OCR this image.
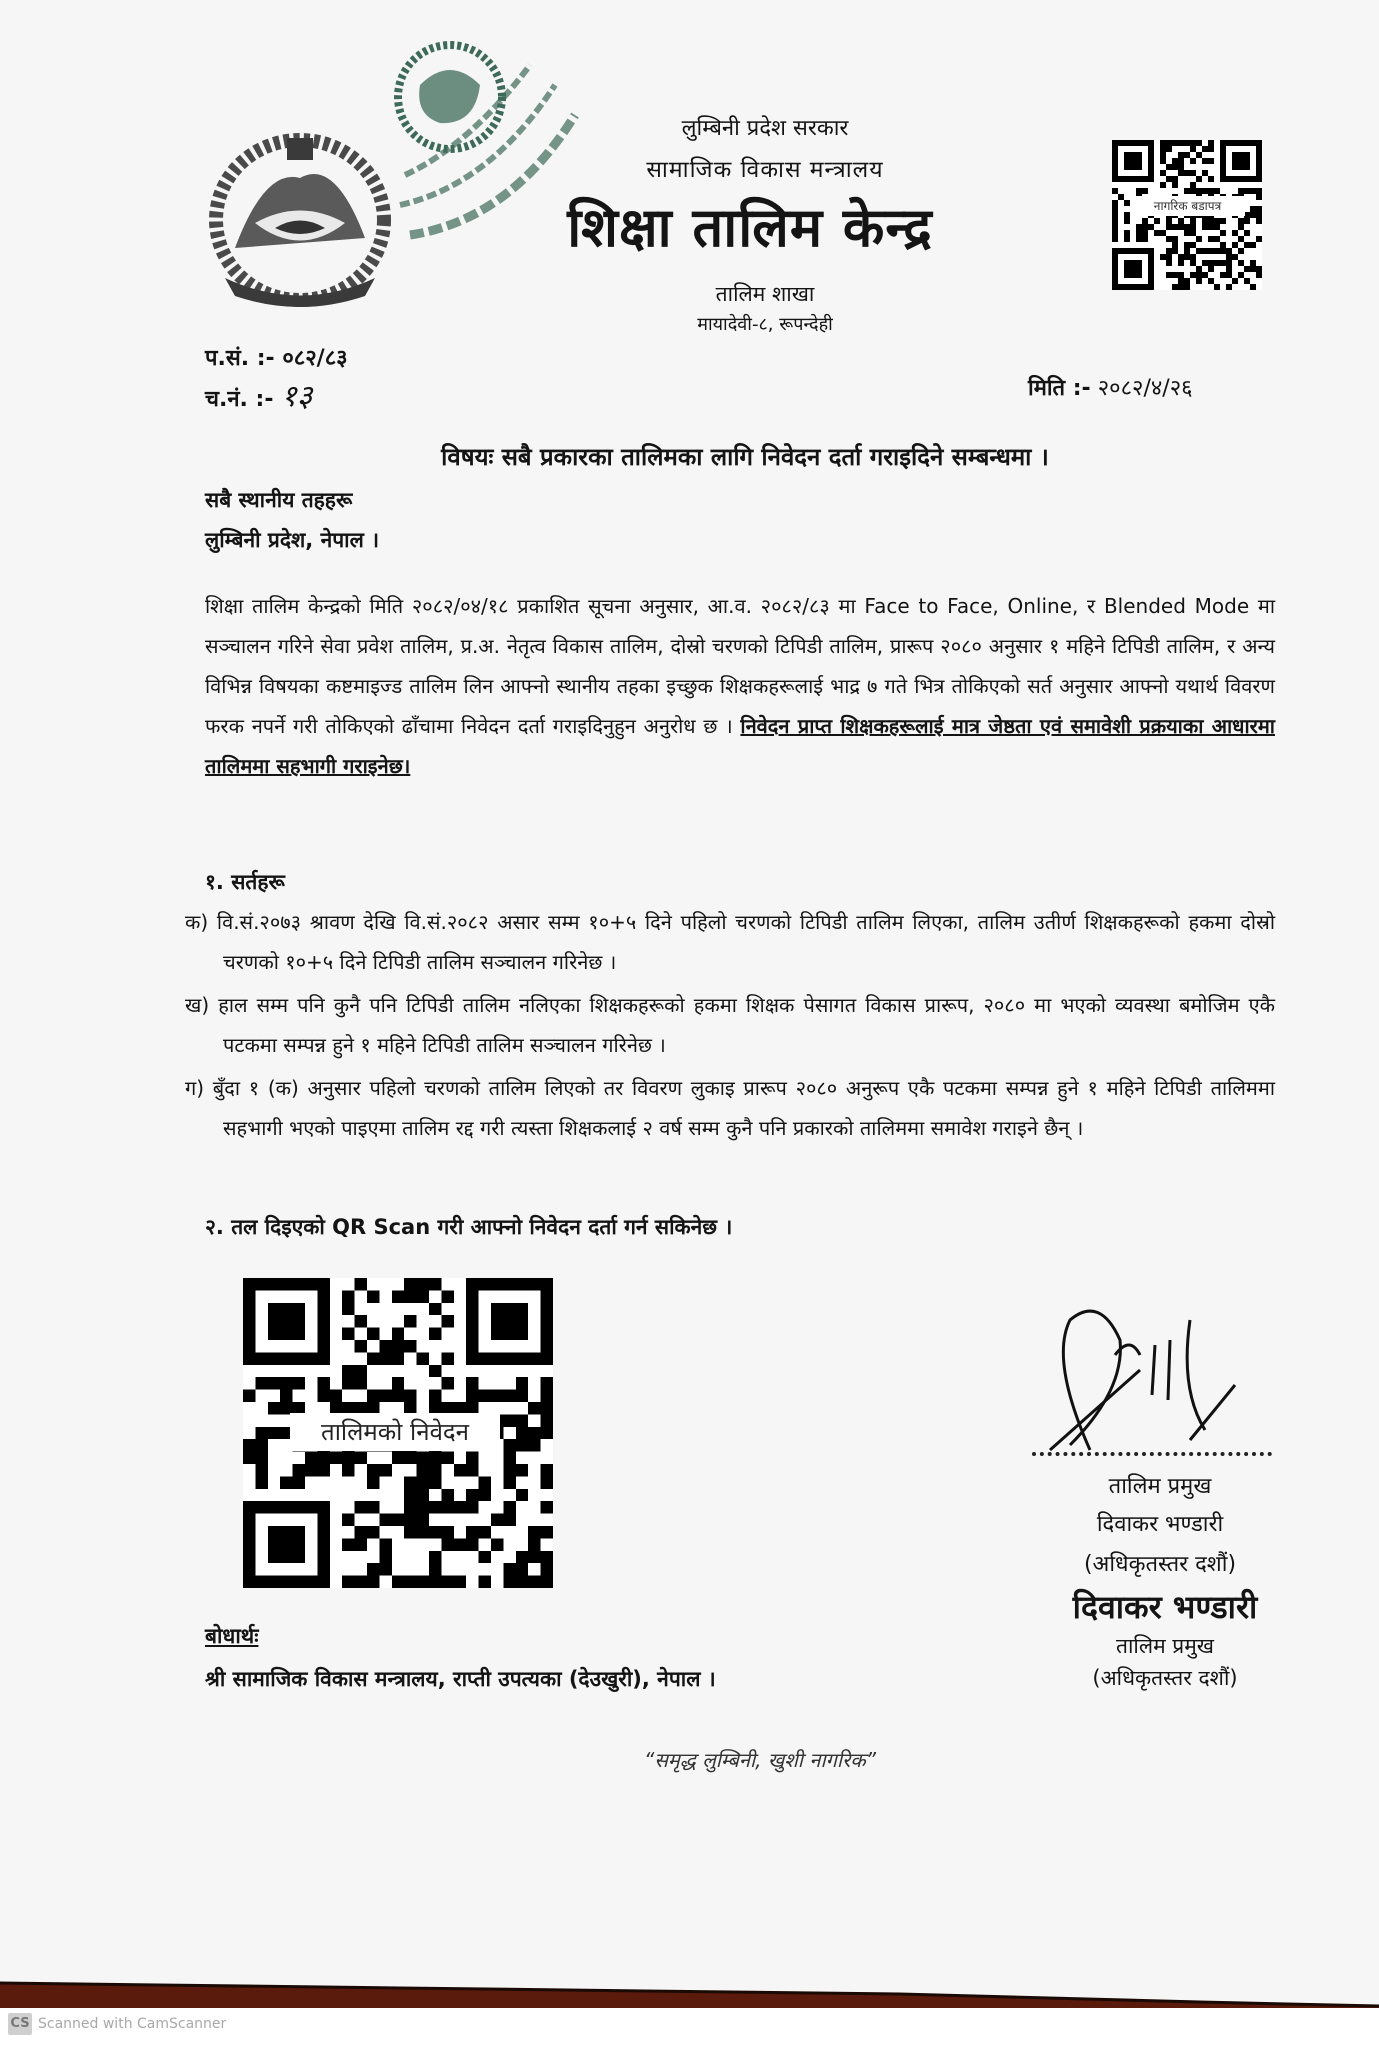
लुम्बिनी प्रदेश सरकार
सामाजिक विकास मन्त्रालय
शिक्षा तालिम केन्द्र
तालिम शाखा
मायादेवी-८, रूपन्देही
नागरिक बडापत्र
प.सं. :- ०८२/८३
च.नं. :- १३	मिति :- २०८२/४/२६
विषयः सबै प्रकारका तालिमका लागि निवेदन दर्ता गराइदिने सम्बन्धमा ।
सबै स्थानीय तहहरू
लुम्बिनी प्रदेश, नेपाल ।
शिक्षा तालिम केन्द्रको मिति २०८२/०४/१८ प्रकाशित सूचना अनुसार, आ.व. २०८२/८३ मा Face to Face, Online, र Blended Mode मा सञ्चालन गरिने सेवा प्रवेश तालिम, प्र.अ. नेतृत्व विकास तालिम, दोस्रो चरणको टिपिडी तालिम, प्रारूप २०८० अनुसार १ महिने टिपिडी तालिम, र अन्य विभिन्न विषयका कष्टमाइज्ड तालिम लिन आफ्नो स्थानीय तहका इच्छुक शिक्षकहरूलाई भाद्र ७ गते भित्र तोकिएको सर्त अनुसार आफ्नो यथार्थ विवरण फरक नपर्ने गरी तोकिएको ढाँचामा निवेदन दर्ता गराइदिनुहुन अनुरोध छ । निवेदन प्राप्त शिक्षकहरूलाई मात्र जेष्ठता एवं समावेशी प्रक्रयाका आधारमा तालिममा सहभागी गराइनेछ।
१. सर्तहरू
क) वि.सं.२०७३ श्रावण देखि वि.सं.२०८२ असार सम्म १०+५ दिने पहिलो चरणको टिपिडी तालिम लिएका, तालिम उतीर्ण शिक्षकहरूको हकमा दोस्रो चरणको १०+५ दिने टिपिडी तालिम सञ्चालन गरिनेछ ।
ख) हाल सम्म पनि कुनै पनि टिपिडी तालिम नलिएका शिक्षकहरूको हकमा शिक्षक पेसागत विकास प्रारूप, २०८० मा भएको व्यवस्था बमोजिम एकै पटकमा सम्पन्न हुने १ महिने टिपिडी तालिम सञ्चालन गरिनेछ ।
ग) बुँदा १ (क) अनुसार पहिलो चरणको तालिम लिएको तर विवरण लुकाइ प्रारूप २०८० अनुरूप एकै पटकमा सम्पन्न हुने १ महिने टिपिडी तालिममा सहभागी भएको पाइएमा तालिम रद्द गरी त्यस्ता शिक्षकलाई २ वर्ष सम्म कुनै पनि प्रकारको तालिममा समावेश गराइने छैन् ।
२. तल दिइएको QR Scan गरी आफ्नो निवेदन दर्ता गर्न सकिनेछ ।
तालिमको निवेदन
तालिम प्रमुख
दिवाकर भण्डारी
(अधिकृतस्तर दशौं)
दिवाकर भण्डारी
तालिम प्रमुख
(अधिकृतस्तर दशौं)
बोधार्थः
श्री सामाजिक विकास मन्त्रालय, राप्ती उपत्यका (देउखुरी), नेपाल ।
“समृद्ध लुम्बिनी, खुशी नागरिक”
CS Scanned with CamScanner
